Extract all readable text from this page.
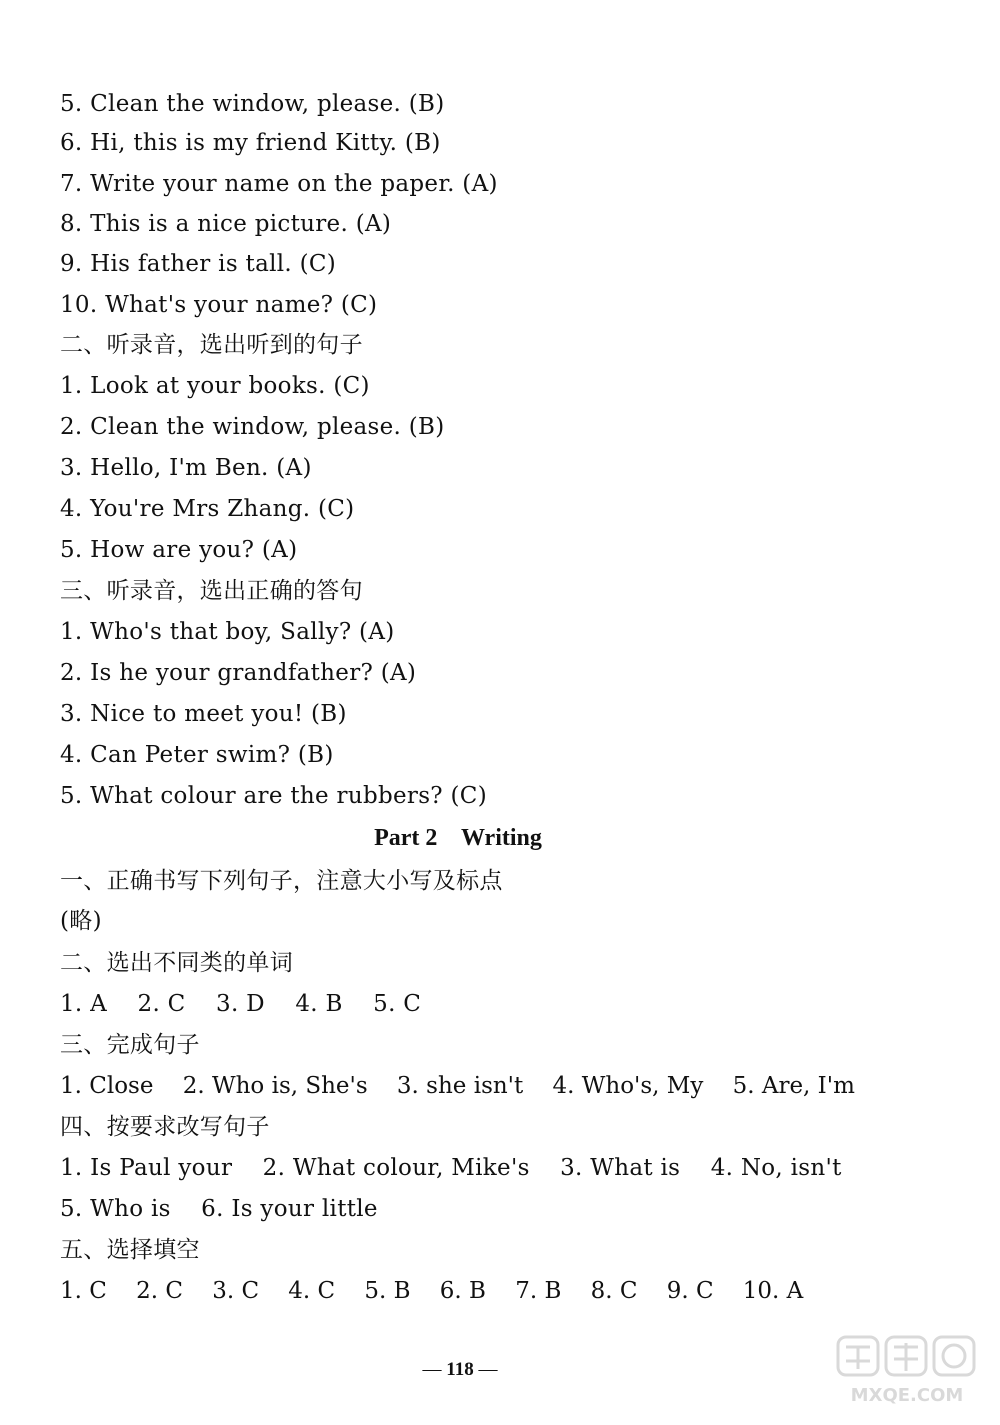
5. Clean the window, please. (B)
6. Hi, this is my friend Kitty. (B)
7. Write your name on the paper. (A)
8. This is a nice picture. (A)
9. His father is tall. (C)
10. What's your name? (C)
二、听录音，选出听到的句子
1. Look at your books. (C)
2. Clean the window, please. (B)
3. Hello, I'm Ben. (A)
4. You're Mrs Zhang. (C)
5. How are you? (A)
三、听录音，选出正确的答句
1. Who's that boy, Sally? (A)
2. Is he your grandfather? (A)
3. Nice to meet you! (B)
4. Can Peter swim? (B)
5. What colour are the rubbers? (C)
Part 2    Writing
一、正确书写下列句子，注意大小写及标点
(略)
二、选出不同类的单词
1. A    2. C    3. D    4. B    5. C
三、完成句子
1. Close    2. Who is, She's    3. she isn't    4. Who's, My    5. Are, I'm
四、按要求改写句子
1. Is Paul your    2. What colour, Mike's    3. What is    4. No, isn't
5. Who is    6. Is your little
五、选择填空
1. C    2. C    3. C    4. C    5. B    6. B    7. B    8. C    9. C    10. A
— 118 —
MXQE.COM
